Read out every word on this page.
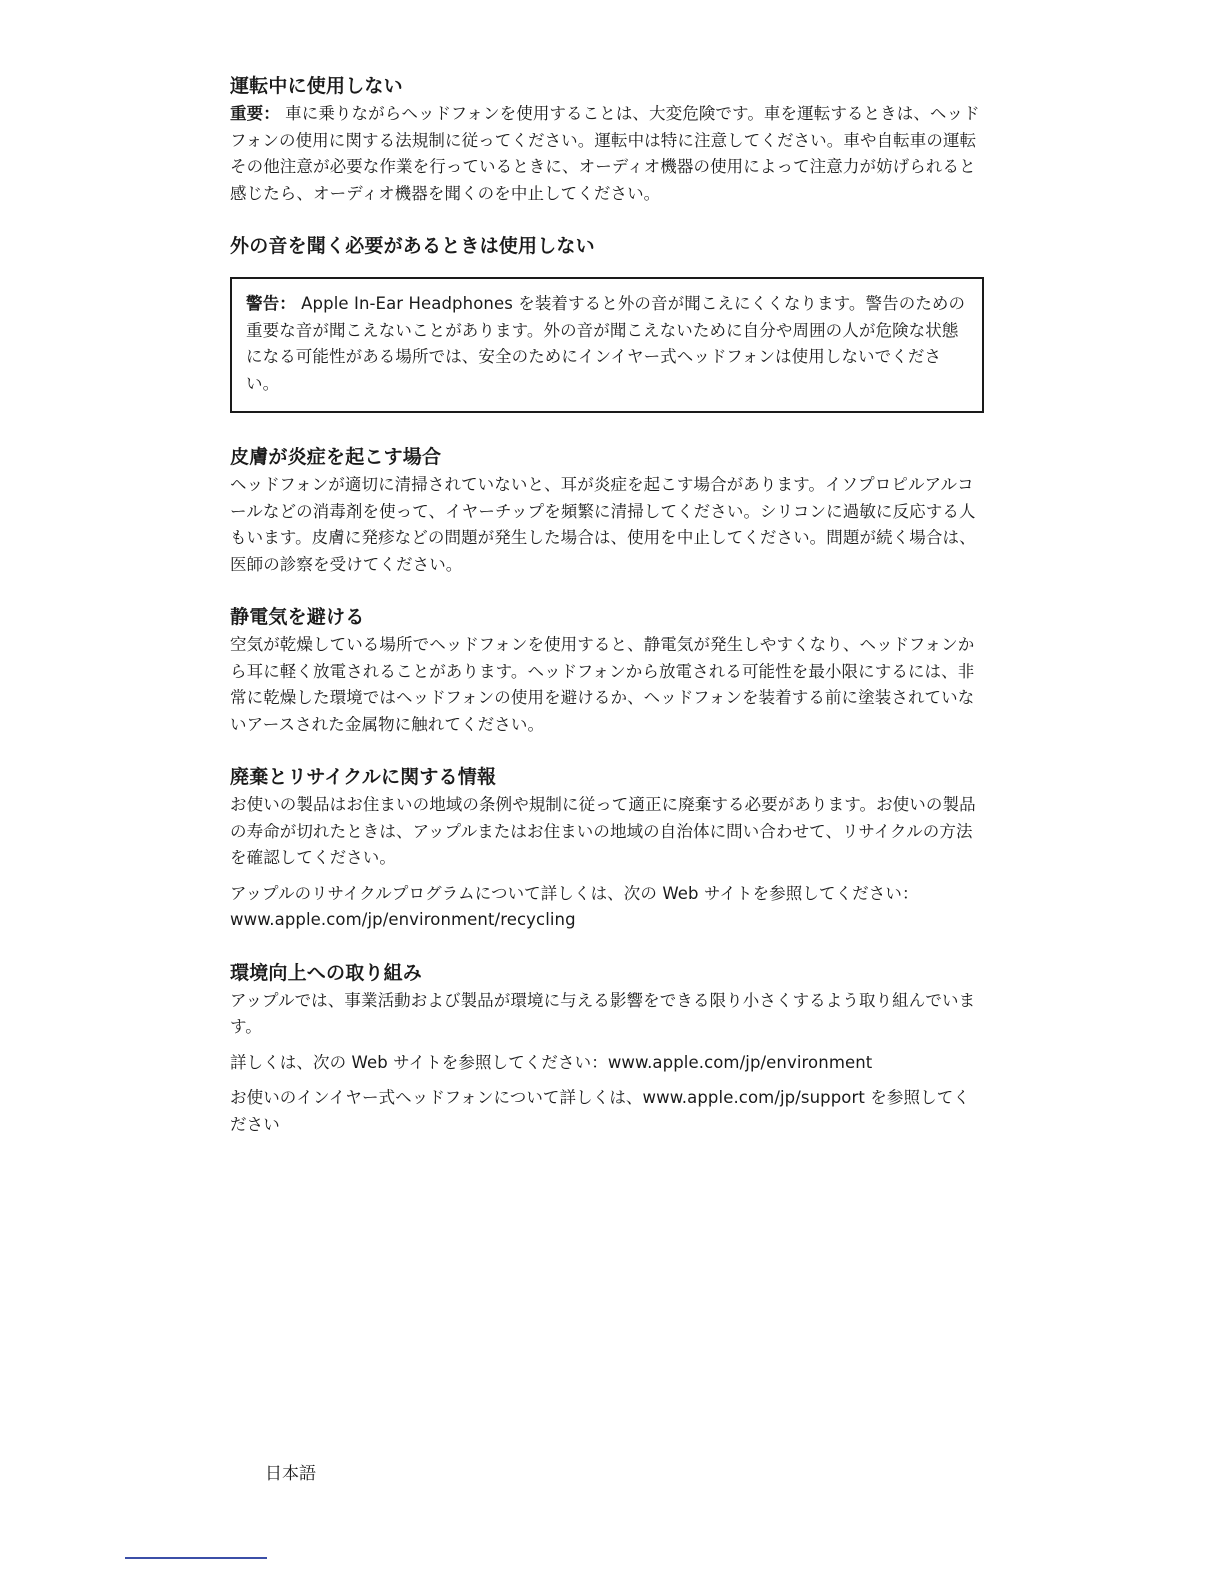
運転中に使用しない

重要： 車に乗りながらヘッドフォンを使用することは、大変危険です。車を運転するときは、ヘッドフォンの使用に関する法規制に従ってください。運転中は特に注意してください。車や自転車の運転その他注意が必要な作業を行っているときに、オーディオ機器の使用によって注意力が妨げられると感じたら、オーディオ機器を聞くのを中止してください。

外の音を聞く必要があるときは使用しない

警告： Apple In-Ear Headphones を装着すると外の音が聞こえにくくなります。警告のための重要な音が聞こえないことがあります。外の音が聞こえないために自分や周囲の人が危険な状態になる可能性がある場所では、安全のためにインイヤー式ヘッドフォンは使用しないでください。

皮膚が炎症を起こす場合

ヘッドフォンが適切に清掃されていないと、耳が炎症を起こす場合があります。イソプロピルアルコールなどの消毒剤を使って、イヤーチップを頻繁に清掃してください。シリコンに過敏に反応する人もいます。皮膚に発疹などの問題が発生した場合は、使用を中止してください。問題が続く場合は、医師の診察を受けてください。

静電気を避ける

空気が乾燥している場所でヘッドフォンを使用すると、静電気が発生しやすくなり、ヘッドフォンから耳に軽く放電されることがあります。ヘッドフォンから放電される可能性を最小限にするには、非常に乾燥した環境ではヘッドフォンの使用を避けるか、ヘッドフォンを装着する前に塗装されていないアースされた金属物に触れてください。

廃棄とリサイクルに関する情報

お使いの製品はお住まいの地域の条例や規制に従って適正に廃棄する必要があります。お使いの製品の寿命が切れたときは、アップルまたはお住まいの地域の自治体に問い合わせて、リサイクルの方法を確認してください。

アップルのリサイクルプログラムについて詳しくは、次の Web サイトを参照してください：
www.apple.com/jp/environment/recycling

環境向上への取り組み

アップルでは、事業活動および製品が環境に与える影響をできる限り小さくするよう取り組んでいます。

詳しくは、次の Web サイトを参照してください：www.apple.com/jp/environment

お使いのインイヤー式ヘッドフォンについて詳しくは、www.apple.com/jp/support を参照してください

日本語
